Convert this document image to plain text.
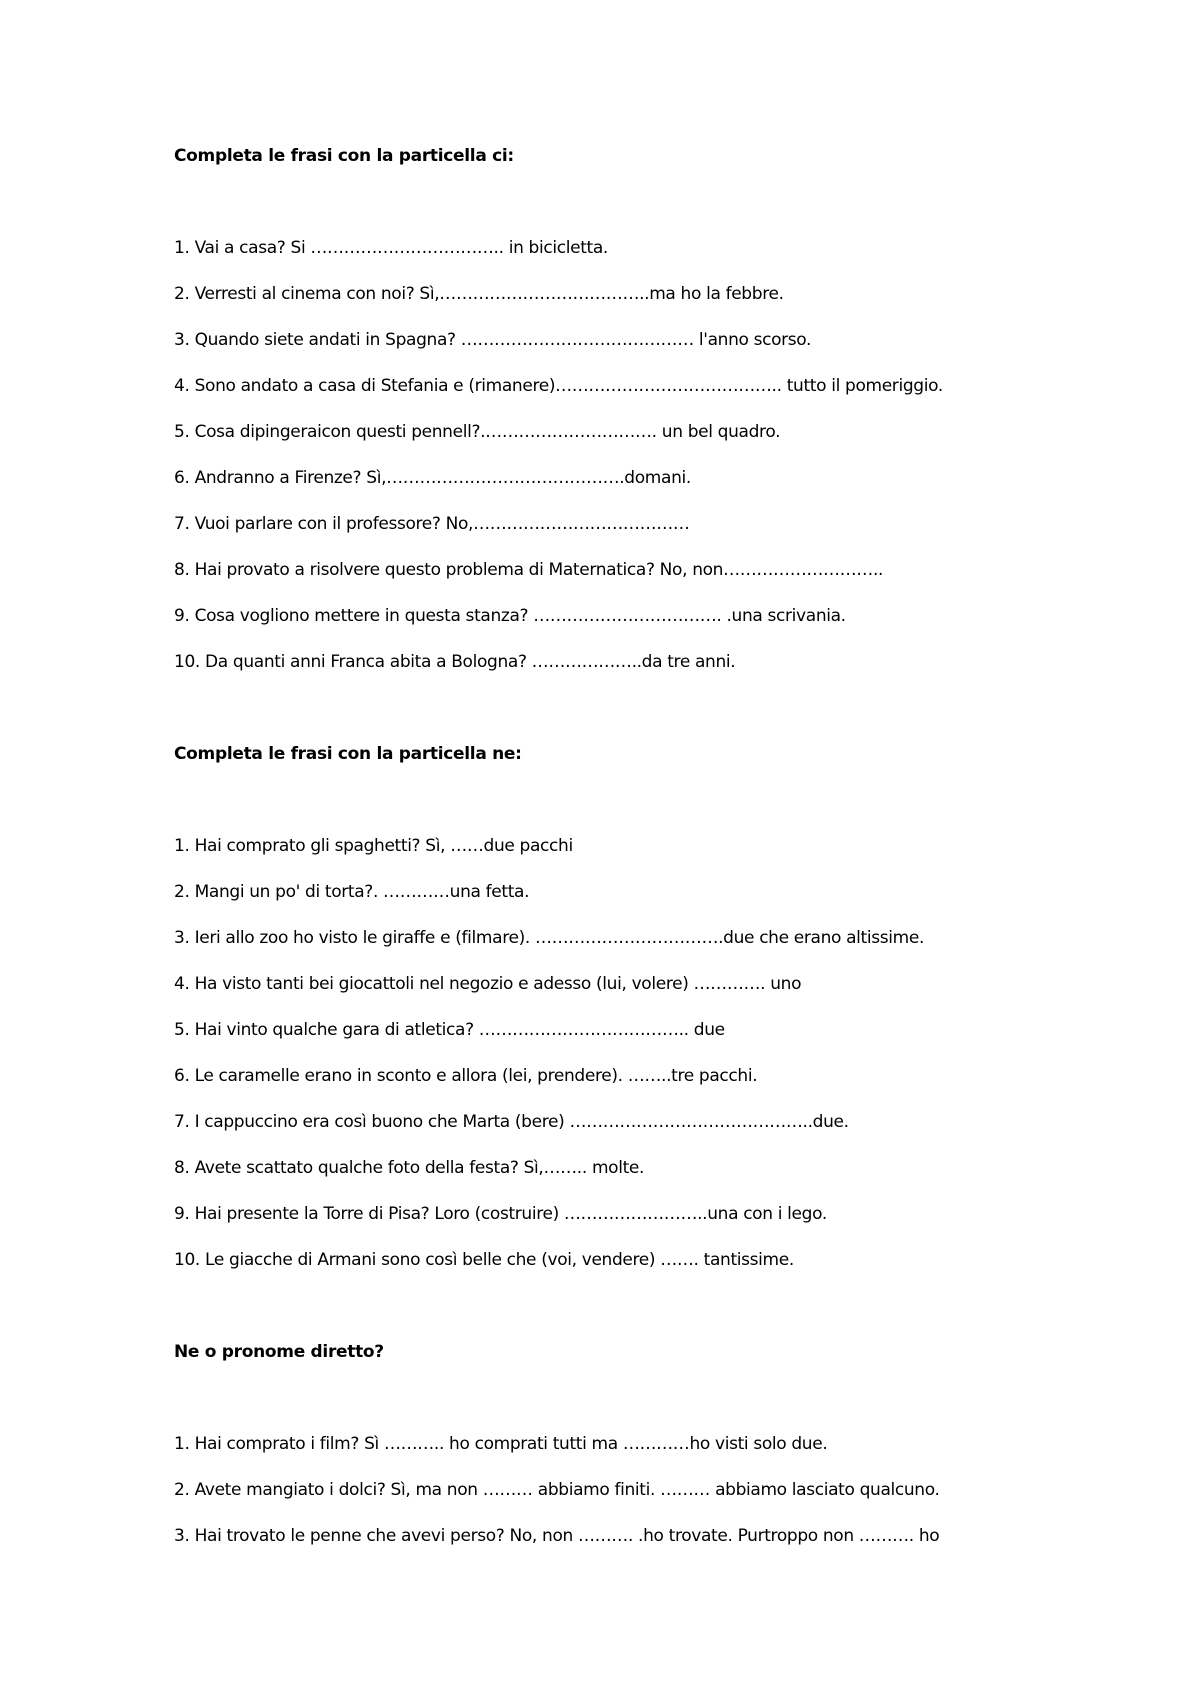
Completa le frasi con la particella ci:
1. Vai a casa? Si …………………………….. in bicicletta.
2. Verresti al cinema con noi? Sì,………………………………..ma ho la febbre.
3. Quando siete andati in Spagna? …………………………………… l'anno scorso.
4. Sono andato a casa di Stefania e (rimanere)………………………………….. tutto il pomeriggio.
5. Cosa dipingeraicon questi pennell?.…………………………. un bel quadro.
6. Andranno a Firenze? Sì,…………………………………….domani.
7. Vuoi parlare con il professore? No,…………………………………
8. Hai provato a risolvere questo problema di Maternatica? No, non………………………..
9. Cosa vogliono mettere in questa stanza? ……………………………. .una scrivania.
10. Da quanti anni Franca abita a Bologna? ………………..da tre anni.
Completa le frasi con la particella ne:
1. Hai comprato gli spaghetti? Sì, ……due pacchi
2. Mangi un po' di torta?. …………una fetta.
3. Ieri allo zoo ho visto le giraffe e (filmare). …………………………….due che erano altissime.
4. Ha visto tanti bei giocattoli nel negozio e adesso (lui, volere) …………. uno
5. Hai vinto qualche gara di atletica? ……………………………….. due
6. Le caramelle erano in sconto e allora (lei, prendere). ……..tre pacchi.
7. I cappuccino era così buono che Marta (bere) ……………………………………..due.
8. Avete scattato qualche foto della festa? Sì,…….. molte.
9. Hai presente la Torre di Pisa? Loro (costruire) ……………………..una con i lego.
10. Le giacche di Armani sono così belle che (voi, vendere) ……. tantissime.
Ne o pronome diretto?
1. Hai comprato i film? Sì ……….. ho comprati tutti ma …………ho visti solo due.
2. Avete mangiato i dolci? Sì, ma non ……… abbiamo finiti. ……… abbiamo lasciato qualcuno.
3. Hai trovato le penne che avevi perso? No, non ………. .ho trovate. Purtroppo non ………. ho
